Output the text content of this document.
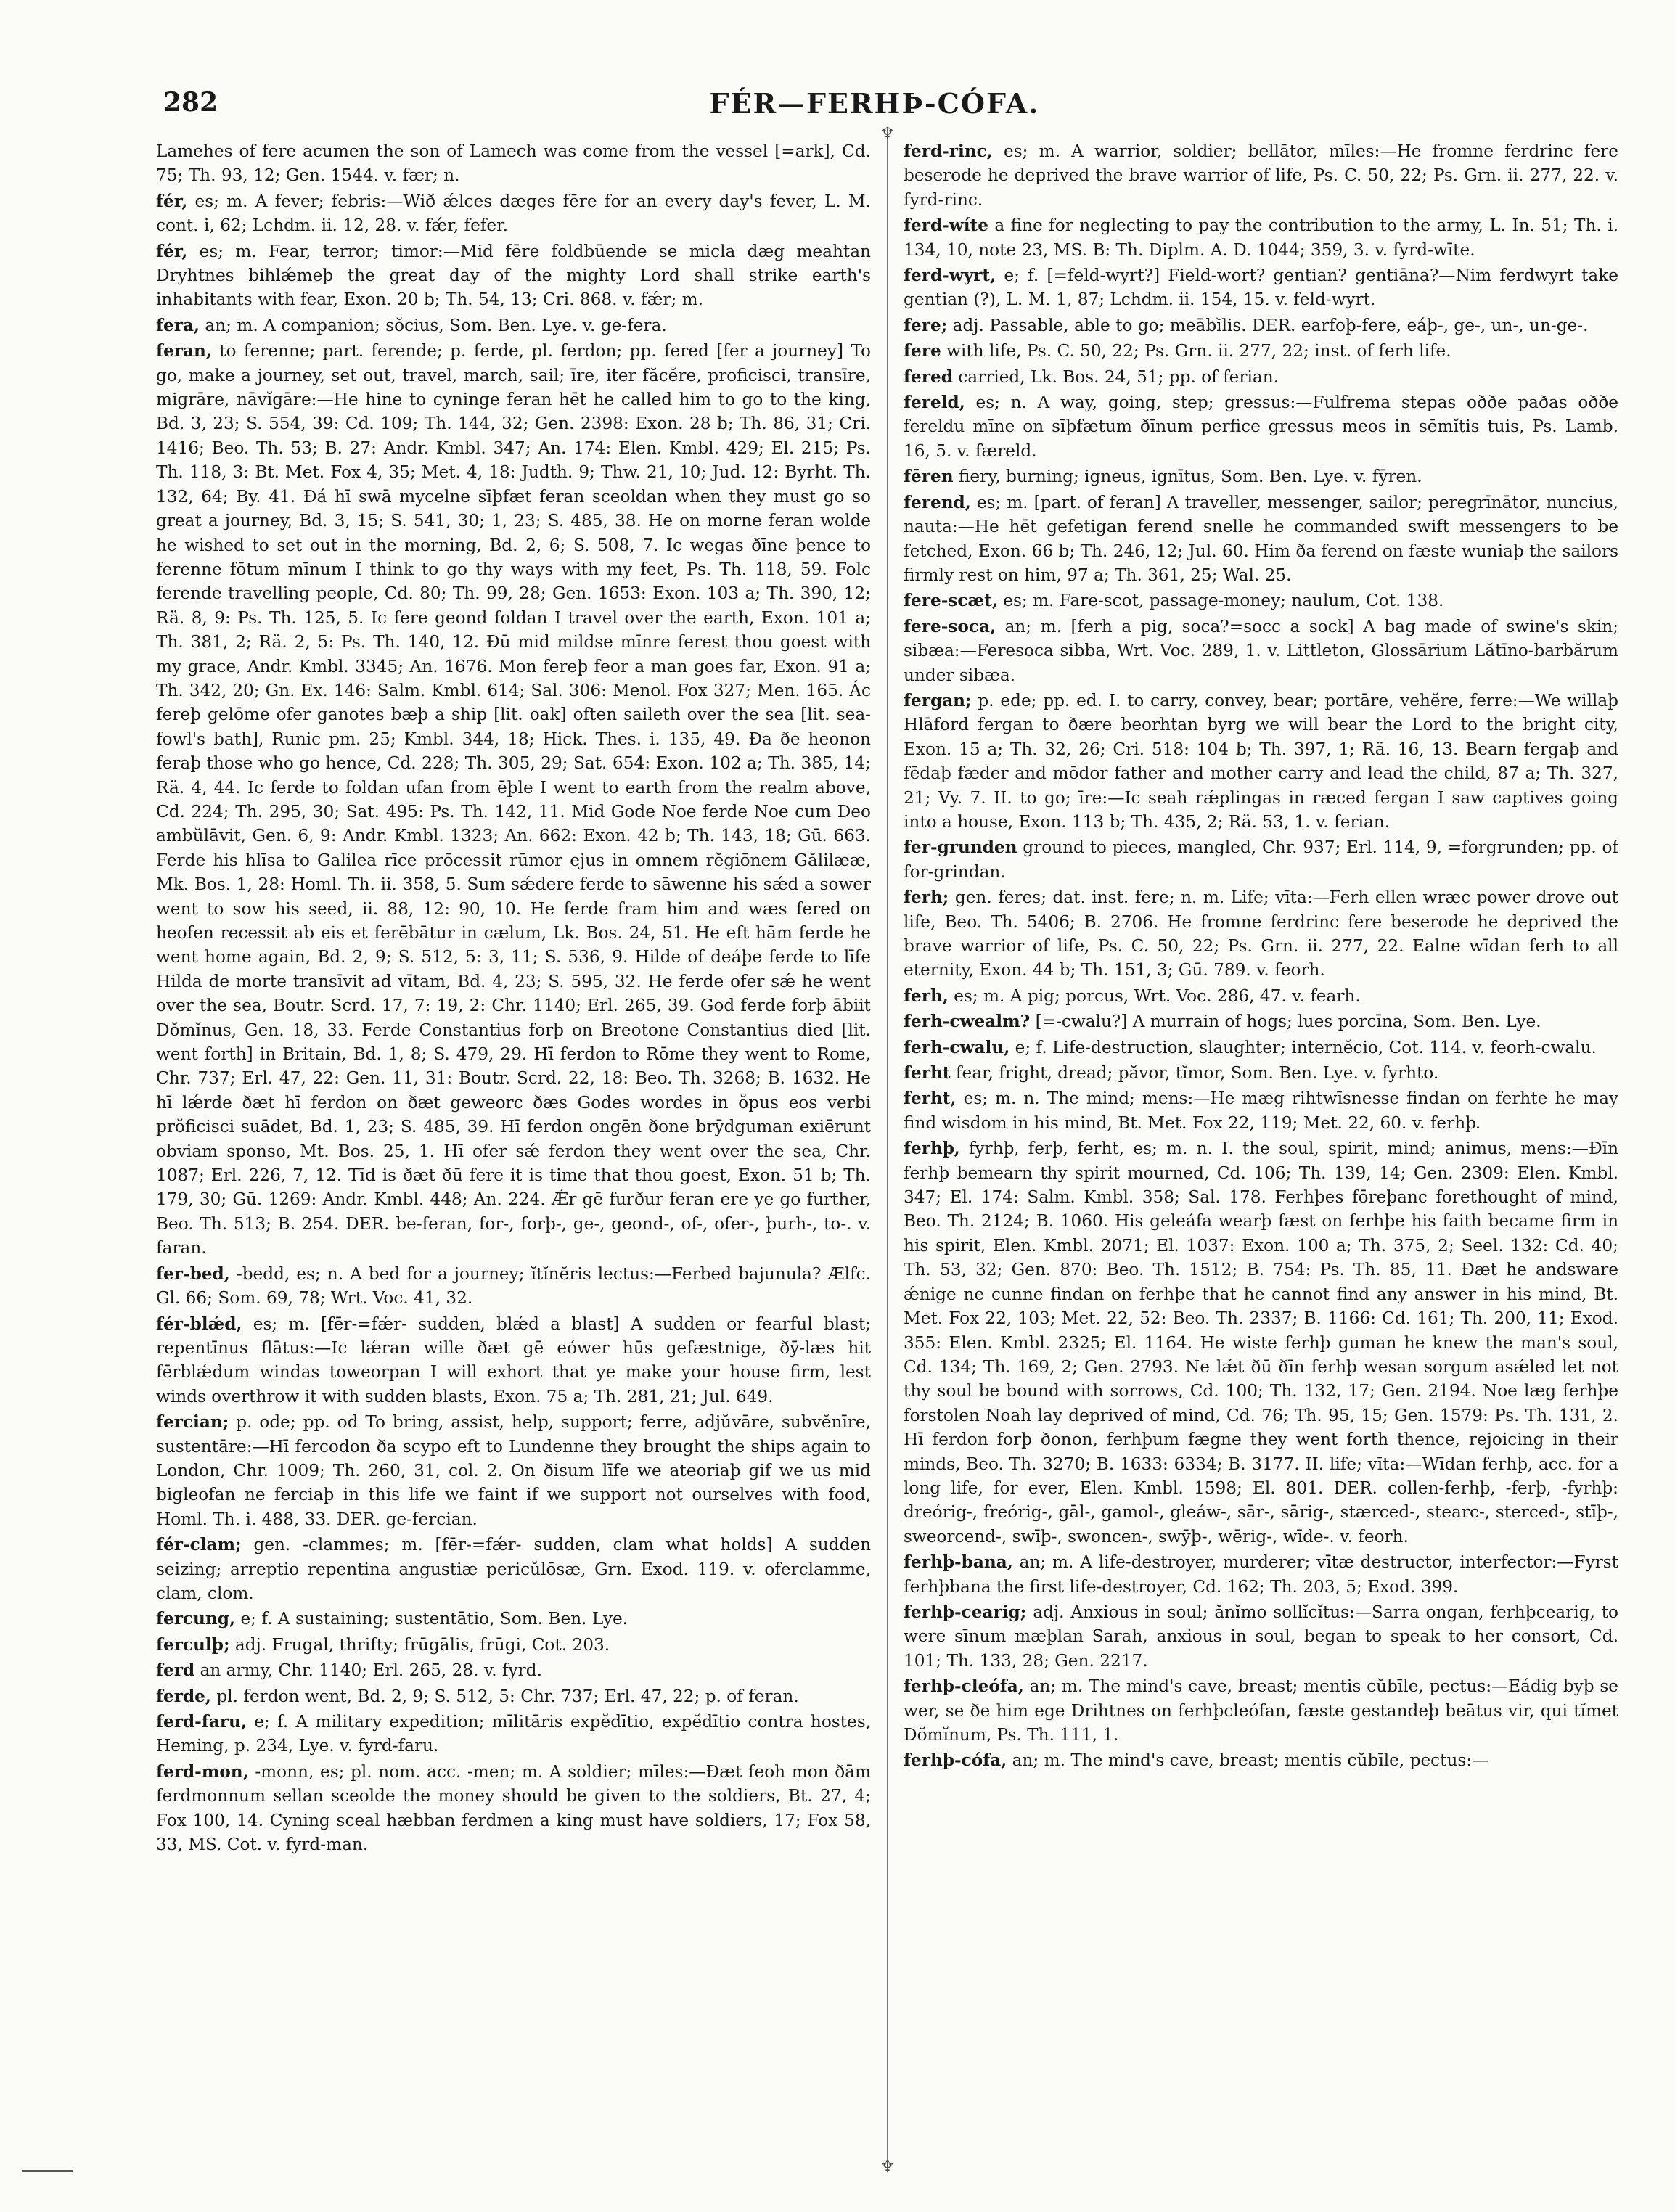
282	FÉR—FERHÞ-CÓFA.
♆
♆

Lamehes of fere acumen the son of Lamech was come from the vessel [=ark], Cd. 75; Th. 93, 12; Gen. 1544. v. fær; n.

fér, es; m. A fever; febris:—Wið ǽlces dæges fēre for an every day's fever, L. M. cont. i, 62; Lchdm. ii. 12, 28. v. fǽr, fefer.

fér, es; m. Fear, terror; timor:—Mid fēre foldbūende se micla dæg meahtan Dryhtnes bihlǽmeþ the great day of the mighty Lord shall strike earth's inhabitants with fear, Exon. 20 b; Th. 54, 13; Cri. 868. v. fǽr; m.

fera, an; m. A companion; sŏcius, Som. Ben. Lye. v. ge-fera.

feran, to ferenne; part. ferende; p. ferde, pl. ferdon; pp. fered [fer a journey] To go, make a journey, set out, travel, march, sail; īre, iter făcĕre, proficisci, transīre, migrāre, nāvĭgāre:—He hine to cyninge feran hēt he called him to go to the king, Bd. 3, 23; S. 554, 39: Cd. 109; Th. 144, 32; Gen. 2398: Exon. 28 b; Th. 86, 31; Cri. 1416; Beo. Th. 53; B. 27: Andr. Kmbl. 347; An. 174: Elen. Kmbl. 429; El. 215; Ps. Th. 118, 3: Bt. Met. Fox 4, 35; Met. 4, 18: Judth. 9; Thw. 21, 10; Jud. 12: Byrht. Th. 132, 64; By. 41. Ðá hī swā mycelne sīþfæt feran sceoldan when they must go so great a journey, Bd. 3, 15; S. 541, 30; 1, 23; S. 485, 38. He on morne feran wolde he wished to set out in the morning, Bd. 2, 6; S. 508, 7. Ic wegas ðīne þence to ferenne fōtum mīnum I think to go thy ways with my feet, Ps. Th. 118, 59. Folc ferende travelling people, Cd. 80; Th. 99, 28; Gen. 1653: Exon. 103 a; Th. 390, 12; Rä. 8, 9: Ps. Th. 125, 5. Ic fere geond foldan I travel over the earth, Exon. 101 a; Th. 381, 2; Rä. 2, 5: Ps. Th. 140, 12. Ðū mid mildse mīnre ferest thou goest with my grace, Andr. Kmbl. 3345; An. 1676. Mon fereþ feor a man goes far, Exon. 91 a; Th. 342, 20; Gn. Ex. 146: Salm. Kmbl. 614; Sal. 306: Menol. Fox 327; Men. 165. Ác fereþ gelōme ofer ganotes bæþ a ship [lit. oak] often saileth over the sea [lit. sea-fowl's bath], Runic pm. 25; Kmbl. 344, 18; Hick. Thes. i. 135, 49. Ða ðe heonon feraþ those who go hence, Cd. 228; Th. 305, 29; Sat. 654: Exon. 102 a; Th. 385, 14; Rä. 4, 44. Ic ferde to foldan ufan from ēþle I went to earth from the realm above, Cd. 224; Th. 295, 30; Sat. 495: Ps. Th. 142, 11. Mid Gode Noe ferde Noe cum Deo ambŭlāvit, Gen. 6, 9: Andr. Kmbl. 1323; An. 662: Exon. 42 b; Th. 143, 18; Gū. 663. Ferde his hlīsa to Galilea rīce prōcessit rūmor ejus in omnem rĕgiōnem Gălilææ, Mk. Bos. 1, 28: Homl. Th. ii. 358, 5. Sum sǽdere ferde to sāwenne his sǽd a sower went to sow his seed, ii. 88, 12: 90, 10. He ferde fram him and wæs fered on heofen recessit ab eis et ferēbātur in cælum, Lk. Bos. 24, 51. He eft hām ferde he went home again, Bd. 2, 9; S. 512, 5: 3, 11; S. 536, 9. Hilde of deáþe ferde to līfe Hilda de morte transīvit ad vītam, Bd. 4, 23; S. 595, 32. He ferde ofer sǽ he went over the sea, Boutr. Scrd. 17, 7: 19, 2: Chr. 1140; Erl. 265, 39. God ferde forþ ābiit Dŏmĭnus, Gen. 18, 33. Ferde Constantius forþ on Breotone Constantius died [lit. went forth] in Britain, Bd. 1, 8; S. 479, 29. Hī ferdon to Rōme they went to Rome, Chr. 737; Erl. 47, 22: Gen. 11, 31: Boutr. Scrd. 22, 18: Beo. Th. 3268; B. 1632. He hī lǽrde ðæt hī ferdon on ðæt geweorc ðæs Godes wordes in ŏpus eos verbi prŏficisci suādet, Bd. 1, 23; S. 485, 39. Hī ferdon ongēn ðone brȳdguman exiērunt obviam sponso, Mt. Bos. 25, 1. Hī ofer sǽ ferdon they went over the sea, Chr. 1087; Erl. 226, 7, 12. Tīd is ðæt ðū fere it is time that thou goest, Exon. 51 b; Th. 179, 30; Gū. 1269: Andr. Kmbl. 448; An. 224. Ǽr gē furður feran ere ye go further, Beo. Th. 513; B. 254. DER. be-feran, for-, forþ-, ge-, geond-, of-, ofer-, þurh-, to-. v. faran.

fer-bed, -bedd, es; n. A bed for a journey; ĭtĭnĕris lectus:—Ferbed bajunula? Ælfc. Gl. 66; Som. 69, 78; Wrt. Voc. 41, 32.

fér-blǽd, es; m. [fēr-=fǽr- sudden, blǽd a blast] A sudden or fearful blast; repentīnus flātus:—Ic lǽran wille ðæt gē eówer hūs gefæstnige, ðȳ-læs hit fērblǽdum windas toweorpan I will exhort that ye make your house firm, lest winds overthrow it with sudden blasts, Exon. 75 a; Th. 281, 21; Jul. 649.

fercian; p. ode; pp. od To bring, assist, help, support; ferre, adjŭvāre, subvĕnīre, sustentāre:—Hī fercodon ða scypo eft to Lundenne they brought the ships again to London, Chr. 1009; Th. 260, 31, col. 2. On ðisum līfe we ateoriaþ gif we us mid bigleofan ne ferciaþ in this life we faint if we support not ourselves with food, Homl. Th. i. 488, 33. DER. ge-fercian.

fér-clam; gen. -clammes; m. [fēr-=fǽr- sudden, clam what holds] A sudden seizing; arreptio repentina angustiæ pericŭlōsæ, Grn. Exod. 119. v. oferclamme, clam, clom.

fercung, e; f. A sustaining; sustentātio, Som. Ben. Lye.

ferculþ; adj. Frugal, thrifty; frūgālis, frūgi, Cot. 203.

ferd an army, Chr. 1140; Erl. 265, 28. v. fyrd.

ferde, pl. ferdon went, Bd. 2, 9; S. 512, 5: Chr. 737; Erl. 47, 22; p. of feran.

ferd-faru, e; f. A military expedition; mīlitāris expĕdītio, expĕdītio contra hostes, Heming, p. 234, Lye. v. fyrd-faru.

ferd-mon, -monn, es; pl. nom. acc. -men; m. A soldier; mīles:—Ðæt feoh mon ðām ferdmonnum sellan sceolde the money should be given to the soldiers, Bt. 27, 4; Fox 100, 14. Cyning sceal hæbban ferdmen a king must have soldiers, 17; Fox 58, 33, MS. Cot. v. fyrd-man.

ferd-rinc, es; m. A warrior, soldier; bellātor, mīles:—He fromne ferdrinc fere beserode he deprived the brave warrior of life, Ps. C. 50, 22; Ps. Grn. ii. 277, 22. v. fyrd-rinc.

ferd-wíte a fine for neglecting to pay the contribution to the army, L. In. 51; Th. i. 134, 10, note 23, MS. B: Th. Diplm. A. D. 1044; 359, 3. v. fyrd-wīte.

ferd-wyrt, e; f. [=feld-wyrt?] Field-wort? gentian? gentiāna?—Nim ferdwyrt take gentian (?), L. M. 1, 87; Lchdm. ii. 154, 15. v. feld-wyrt.

fere; adj. Passable, able to go; meābĭlis. DER. earfoþ-fere, eáþ-, ge-, un-, un-ge-.

fere with life, Ps. C. 50, 22; Ps. Grn. ii. 277, 22; inst. of ferh life.

fered carried, Lk. Bos. 24, 51; pp. of ferian.

fereld, es; n. A way, going, step; gressus:—Fulfrema stepas oððe paðas oððe fereldu mīne on sīþfætum ðīnum perfice gressus meos in sēmĭtis tuis, Ps. Lamb. 16, 5. v. færeld.

fēren fiery, burning; igneus, ignītus, Som. Ben. Lye. v. fȳren.

ferend, es; m. [part. of feran] A traveller, messenger, sailor; peregrīnātor, nuncius, nauta:—He hēt gefetigan ferend snelle he commanded swift messengers to be fetched, Exon. 66 b; Th. 246, 12; Jul. 60. Him ða ferend on fæste wuniaþ the sailors firmly rest on him, 97 a; Th. 361, 25; Wal. 25.

fere-scæt, es; m. Fare-scot, passage-money; naulum, Cot. 138.

fere-soca, an; m. [ferh a pig, soca?=socc a sock] A bag made of swine's skin; sibæa:—Feresoca sibba, Wrt. Voc. 289, 1. v. Littleton, Glossārium Lătīno-barbărum under sibæa.

fergan; p. ede; pp. ed. I. to carry, convey, bear; portāre, vehĕre, ferre:—We willaþ Hlāford fergan to ðære beorhtan byrg we will bear the Lord to the bright city, Exon. 15 a; Th. 32, 26; Cri. 518: 104 b; Th. 397, 1; Rä. 16, 13. Bearn fergaþ and fēdaþ fæder and mōdor father and mother carry and lead the child, 87 a; Th. 327, 21; Vy. 7. II. to go; īre:—Ic seah rǽplingas in ræced fergan I saw captives going into a house, Exon. 113 b; Th. 435, 2; Rä. 53, 1. v. ferian.

fer-grunden ground to pieces, mangled, Chr. 937; Erl. 114, 9, =forgrunden; pp. of for-grindan.

ferh; gen. feres; dat. inst. fere; n. m. Life; vīta:—Ferh ellen wræc power drove out life, Beo. Th. 5406; B. 2706. He fromne ferdrinc fere beserode he deprived the brave warrior of life, Ps. C. 50, 22; Ps. Grn. ii. 277, 22. Ealne wīdan ferh to all eternity, Exon. 44 b; Th. 151, 3; Gū. 789. v. feorh.

ferh, es; m. A pig; porcus, Wrt. Voc. 286, 47. v. fearh.

ferh-cwealm? [=-cwalu?] A murrain of hogs; lues porcīna, Som. Ben. Lye.

ferh-cwalu, e; f. Life-destruction, slaughter; internĕcio, Cot. 114. v. feorh-cwalu.

ferht fear, fright, dread; păvor, tĭmor, Som. Ben. Lye. v. fyrhto.

ferht, es; m. n. The mind; mens:—He mæg rihtwīsnesse findan on ferhte he may find wisdom in his mind, Bt. Met. Fox 22, 119; Met. 22, 60. v. ferhþ.

ferhþ, fyrhþ, ferþ, ferht, es; m. n. I. the soul, spirit, mind; animus, mens:—Ðīn ferhþ bemearn thy spirit mourned, Cd. 106; Th. 139, 14; Gen. 2309: Elen. Kmbl. 347; El. 174: Salm. Kmbl. 358; Sal. 178. Ferhþes fōreþanc forethought of mind, Beo. Th. 2124; B. 1060. His geleáfa wearþ fæst on ferhþe his faith became firm in his spirit, Elen. Kmbl. 2071; El. 1037: Exon. 100 a; Th. 375, 2; Seel. 132: Cd. 40; Th. 53, 32; Gen. 870: Beo. Th. 1512; B. 754: Ps. Th. 85, 11. Ðæt he andsware ǽnige ne cunne findan on ferhþe that he cannot find any answer in his mind, Bt. Met. Fox 22, 103; Met. 22, 52: Beo. Th. 2337; B. 1166: Cd. 161; Th. 200, 11; Exod. 355: Elen. Kmbl. 2325; El. 1164. He wiste ferhþ guman he knew the man's soul, Cd. 134; Th. 169, 2; Gen. 2793. Ne lǽt ðū ðīn ferhþ wesan sorgum asǽled let not thy soul be bound with sorrows, Cd. 100; Th. 132, 17; Gen. 2194. Noe læg ferhþe forstolen Noah lay deprived of mind, Cd. 76; Th. 95, 15; Gen. 1579: Ps. Th. 131, 2. Hī ferdon forþ ðonon, ferhþum fægne they went forth thence, rejoicing in their minds, Beo. Th. 3270; B. 1633: 6334; B. 3177. II. life; vīta:—Wīdan ferhþ, acc. for a long life, for ever, Elen. Kmbl. 1598; El. 801. DER. collen-ferhþ, -ferþ, -fyrhþ: dreórig-, freórig-, gāl-, gamol-, gleáw-, sār-, sārig-, stærced-, stearc-, sterced-, stīþ-, sweorcend-, swīþ-, swoncen-, swȳþ-, wērig-, wīde-. v. feorh.

ferhþ-bana, an; m. A life-destroyer, murderer; vītæ destructor, interfector:—Fyrst ferhþbana the first life-destroyer, Cd. 162; Th. 203, 5; Exod. 399.

ferhþ-cearig; adj. Anxious in soul; ănĭmo sollĭcĭtus:—Sarra ongan, ferhþcearig, to were sīnum mæþlan Sarah, anxious in soul, began to speak to her consort, Cd. 101; Th. 133, 28; Gen. 2217.

ferhþ-cleófa, an; m. The mind's cave, breast; mentis cŭbīle, pectus:—Eádig byþ se wer, se ðe him ege Drihtnes on ferhþcleófan, fæste gestandeþ beātus vir, qui tĭmet Dŏmĭnum, Ps. Th. 111, 1.

ferhþ-cófa, an; m. The mind's cave, breast; mentis cŭbīle, pectus:—
